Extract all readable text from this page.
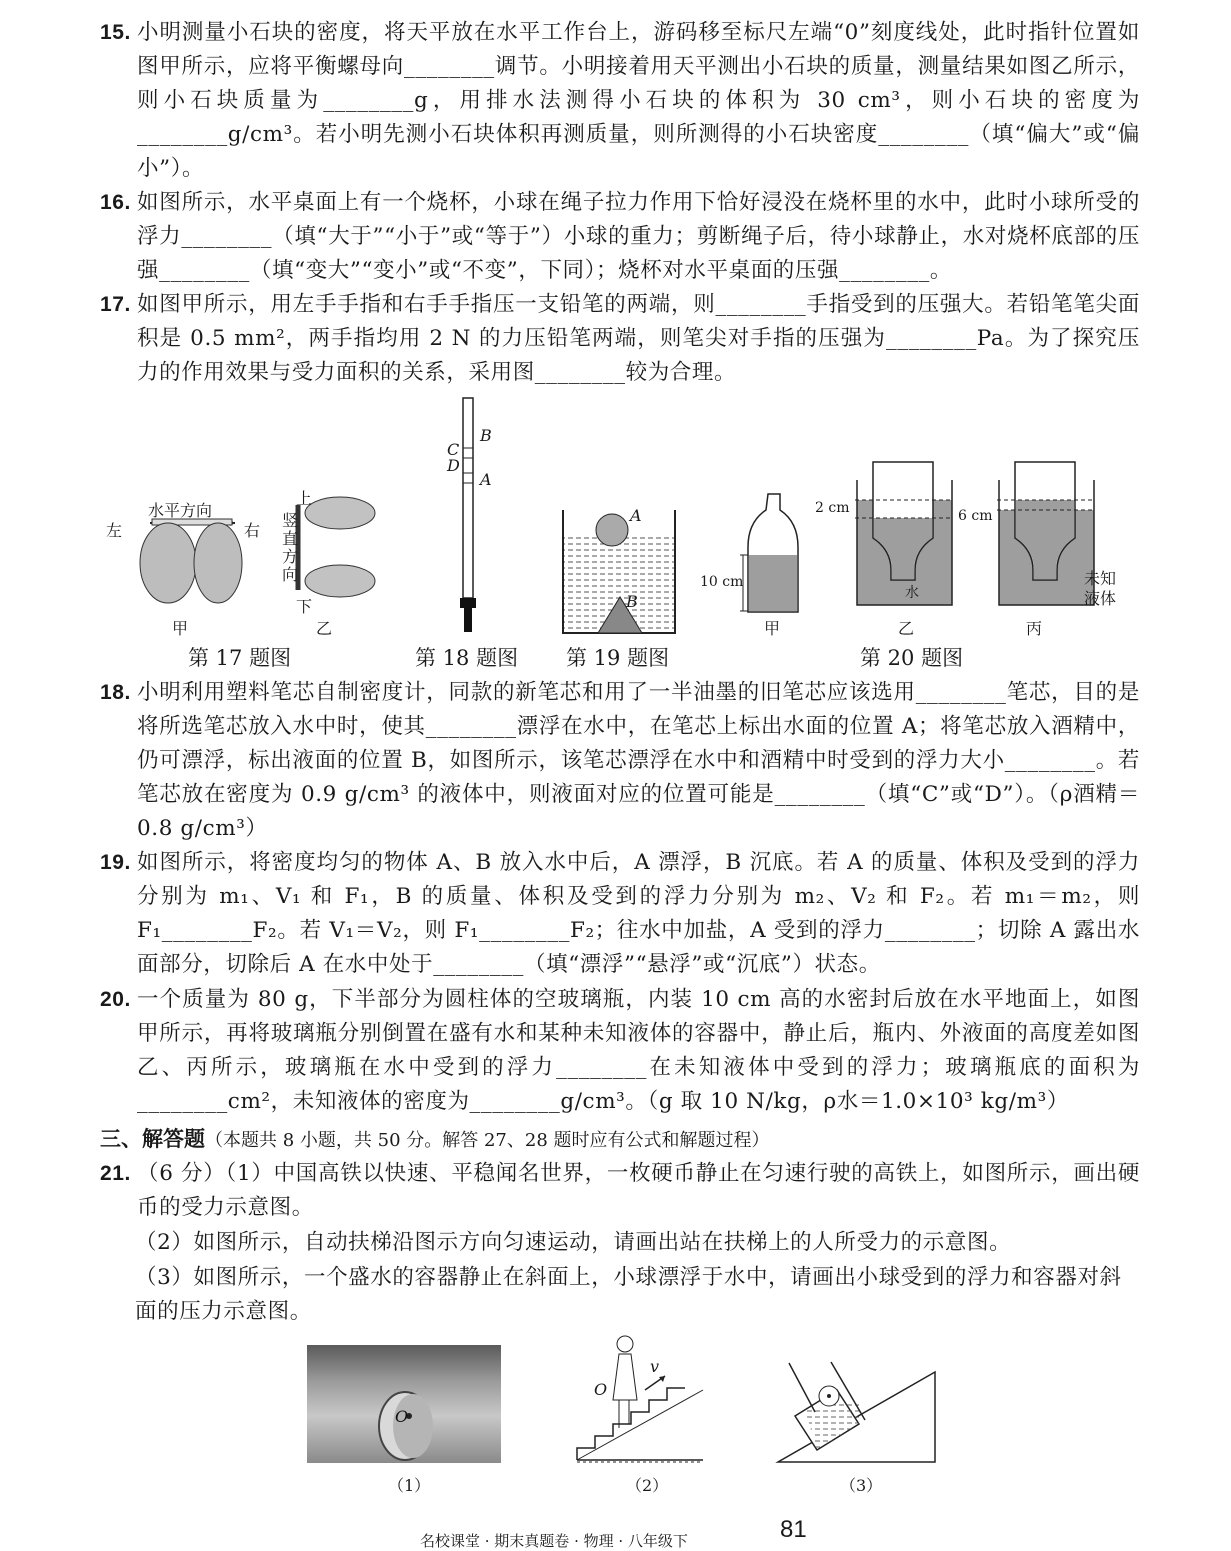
15. 小明测量小石块的密度，将天平放在水平工作台上，游码移至标尺左端“0”刻度线处，此时指针位置如图甲所示，应将平衡螺母向________调节。小明接着用天平测出小石块的质量，测量结果如图乙所示，则小石块质量为________g，用排水法测得小石块的体积为 30 cm³，则小石块的密度为________g/cm³。若小明先测小石块体积再测质量，则所测得的小石块密度________（填“偏大”或“偏小”）。
16. 如图所示，水平桌面上有一个烧杯，小球在绳子拉力作用下恰好浸没在烧杯里的水中，此时小球所受的浮力________（填“大于”“小于”或“等于”）小球的重力；剪断绳子后，待小球静止，水对烧杯底部的压强________（填“变大”“变小”或“不变”，下同）；烧杯对水平桌面的压强________。
17. 如图甲所示，用左手手指和右手手指压一支铅笔的两端，则________手指受到的压强大。若铅笔笔尖面积是 0.5 mm²，两手指均用 2 N 的力压铅笔两端，则笔尖对手指的压强为________Pa。为了探究压力的作用效果与受力面积的关系，采用图________较为合理。
左	右
水平方向
上
竖直方向
下
甲	乙
第 17 题图
B
C
D
A
第 18 题图
A
B
第 19 题图
10 cm
甲
2 cm
水
乙
6 cm
未知
液体
丙
第 20 题图
18. 小明利用塑料笔芯自制密度计，同款的新笔芯和用了一半油墨的旧笔芯应该选用________笔芯，目的是将所选笔芯放入水中时，使其________漂浮在水中，在笔芯上标出水面的位置 A；将笔芯放入酒精中，仍可漂浮，标出液面的位置 B，如图所示，该笔芯漂浮在水中和酒精中时受到的浮力大小________。若笔芯放在密度为 0.9 g/cm³ 的液体中，则液面对应的位置可能是________（填“C”或“D”）。（ρ酒精＝0.8 g/cm³）
19. 如图所示，将密度均匀的物体 A、B 放入水中后，A 漂浮，B 沉底。若 A 的质量、体积及受到的浮力分别为 m₁、V₁ 和 F₁，B 的质量、体积及受到的浮力分别为 m₂、V₂ 和 F₂。若 m₁＝m₂，则 F₁________F₂。若 V₁＝V₂，则 F₁________F₂；往水中加盐，A 受到的浮力________；切除 A 露出水面部分，切除后 A 在水中处于________（填“漂浮”“悬浮”或“沉底”）状态。
20. 一个质量为 80 g，下半部分为圆柱体的空玻璃瓶，内装 10 cm 高的水密封后放在水平地面上，如图甲所示，再将玻璃瓶分别倒置在盛有水和某种未知液体的容器中，静止后，瓶内、外液面的高度差如图乙、丙所示，玻璃瓶在水中受到的浮力________在未知液体中受到的浮力；玻璃瓶底的面积为________cm²，未知液体的密度为________g/cm³。（g 取 10 N/kg，ρ水＝1.0×10³ kg/m³）
三、解答题（本题共 8 小题，共 50 分。解答 27、28 题时应有公式和解题过程）
21. （6 分）（1）中国高铁以快速、平稳闻名世界，一枚硬币静止在匀速行驶的高铁上，如图所示，画出硬币的受力示意图。
（2）如图所示，自动扶梯沿图示方向匀速运动，请画出站在扶梯上的人所受力的示意图。
（3）如图所示，一个盛水的容器静止在斜面上，小球漂浮于水中，请画出小球受到的浮力和容器对斜面的压力示意图。
O
（1）
O
v
（2）	（3）
名校课堂 · 期末真题卷 · 物理 · 八年级下	81
